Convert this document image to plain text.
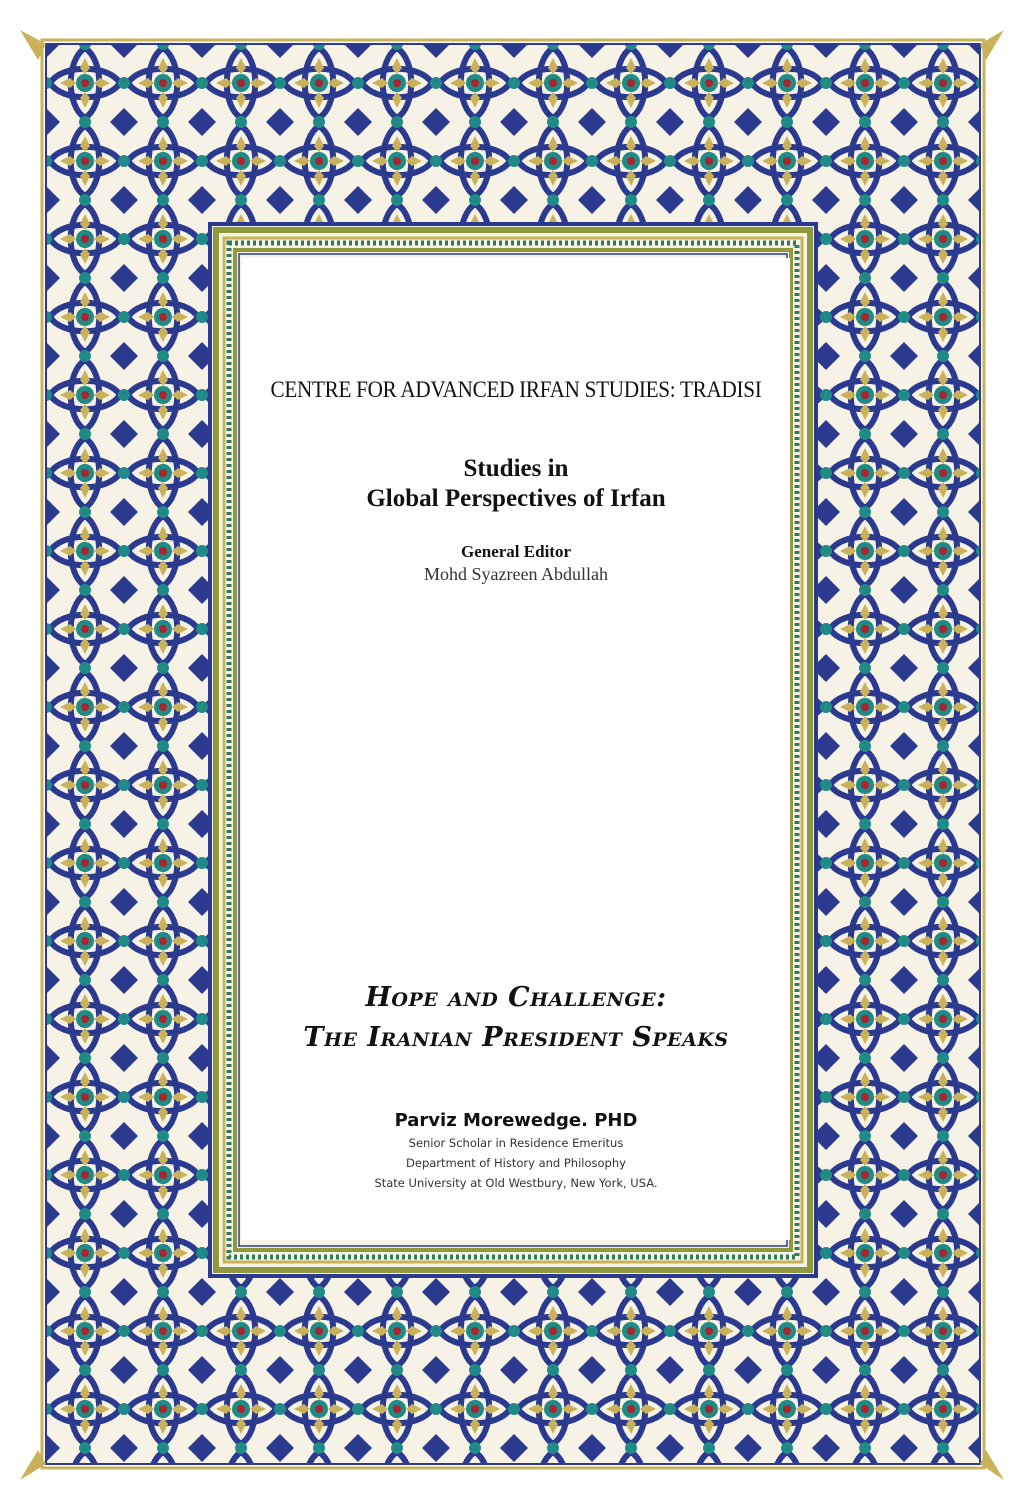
CENTRE FOR ADVANCED IRFAN STUDIES: TRADISI
Studies in
Global Perspectives of Irfan
General Editor
Mohd Syazreen Abdullah
Hope and Challenge:
The Iranian President Speaks
Parviz Morewedge. PHD
Senior Scholar in Residence Emeritus
Department of History and Philosophy
State University at Old Westbury, New York, USA.
